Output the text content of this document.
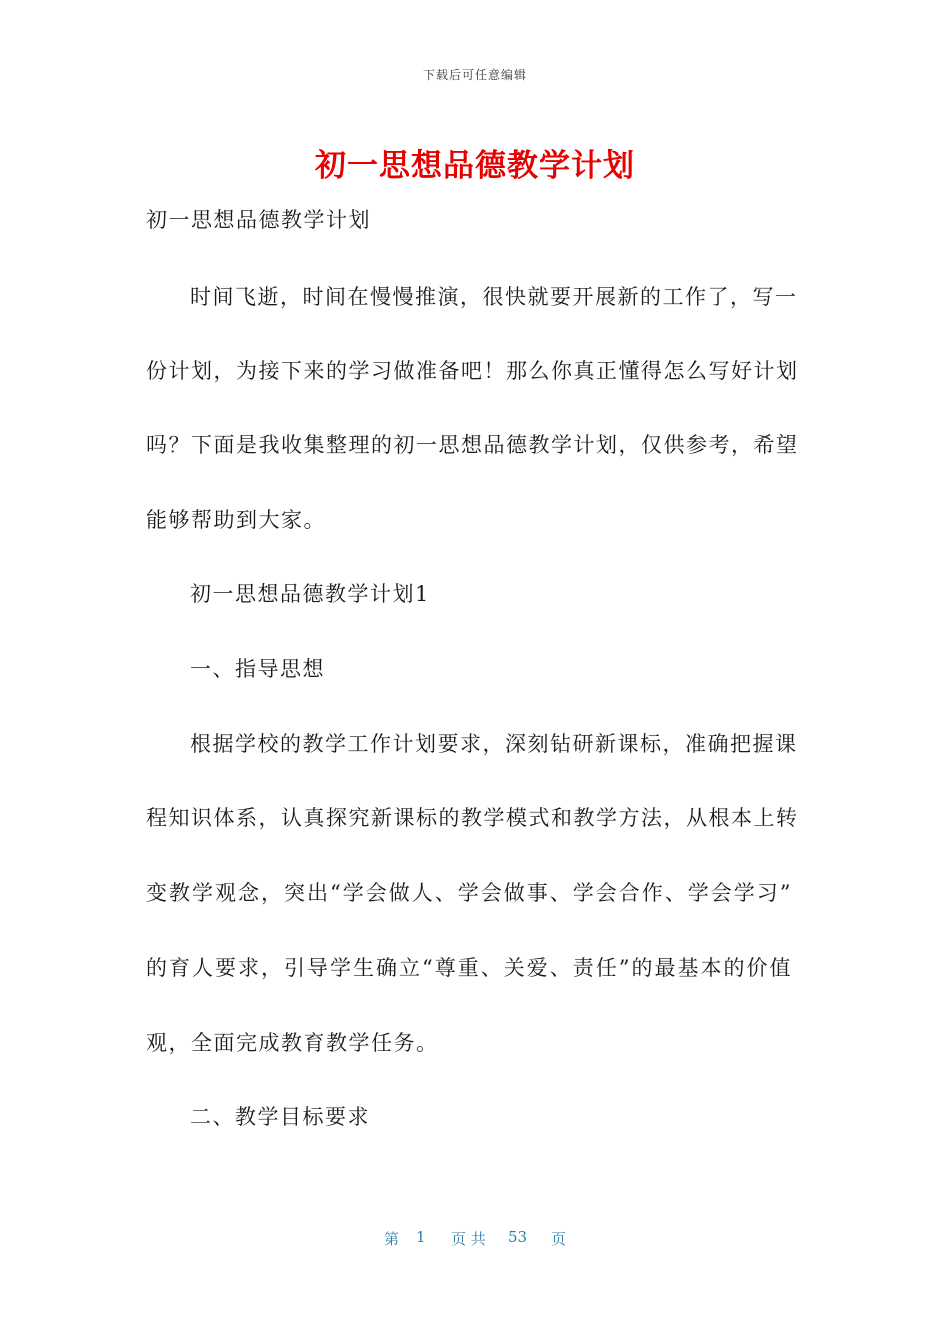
下载后可任意编辑
初一思想品德教学计划

初一思想品德教学计划

时间飞逝，时间在慢慢推演，很快就要开展新的工作了，写一

份计划，为接下来的学习做准备吧！那么你真正懂得怎么写好计划

吗？下面是我收集整理的初一思想品德教学计划，仅供参考，希望

能够帮助到大家。

初一思想品德教学计划1

一、指导思想

根据学校的教学工作计划要求，深刻钻研新课标，准确把握课

程知识体系，认真探究新课标的教学模式和教学方法，从根本上转

变教学观念，突出“学会做人、学会做事、学会合作、学会学习”

的育人要求，引导学生确立“尊重、关爱、责任”的最基本的价值

观，全面完成教育教学任务。

二、教学目标要求

第 1 页 共 53 页
